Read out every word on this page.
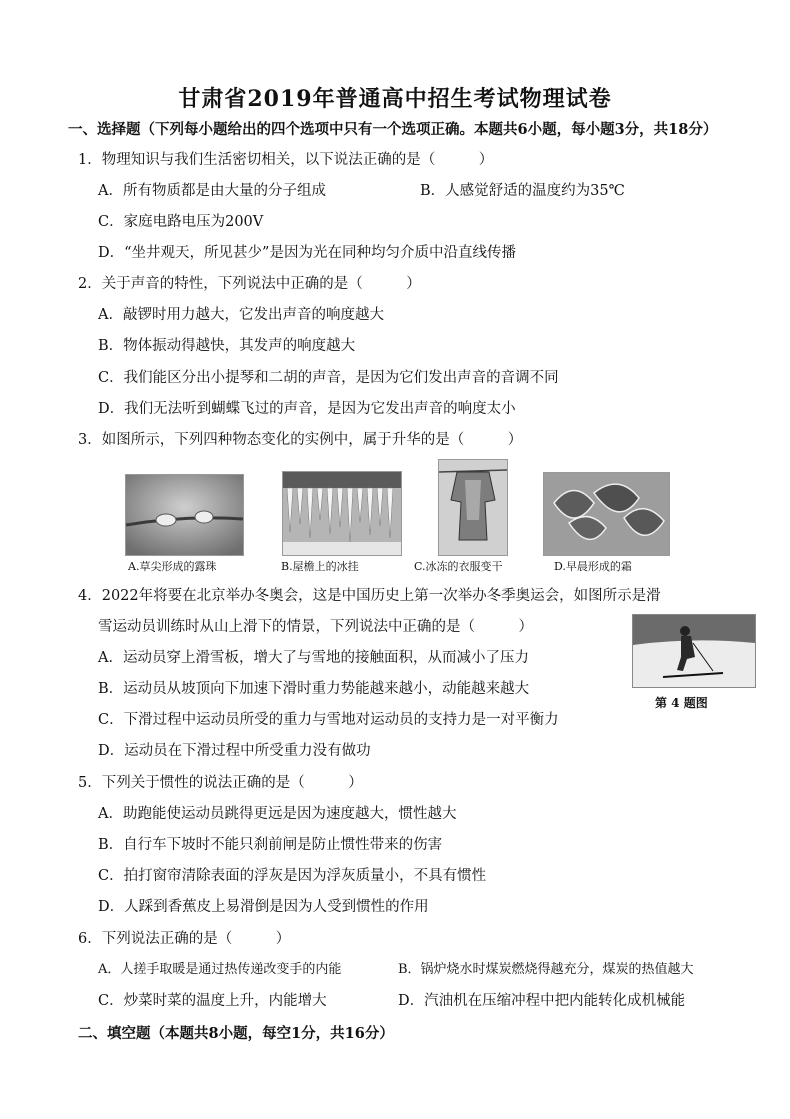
甘肃省2019年普通高中招生考试物理试卷
一、选择题（下列每小题给出的四个选项中只有一个选项正确。本题共6小题，每小题3分，共18分）
1．物理知识与我们生活密切相关，以下说法正确的是（　　　）
A．所有物质都是由大量的分子组成	B．人感觉舒适的温度约为35℃
C．家庭电路电压为200V
D．“坐井观天，所见甚少”是因为光在同种均匀介质中沿直线传播
2．关于声音的特性，下列说法中正确的是（　　　）
A．敲锣时用力越大，它发出声音的响度越大
B．物体振动得越快，其发声的响度越大
C．我们能区分出小提琴和二胡的声音，是因为它们发出声音的音调不同
D．我们无法听到蝴蝶飞过的声音，是因为它发出声音的响度太小
3．如图所示，下列四种物态变化的实例中，属于升华的是（　　　）
A.草尖形成的露珠	B.屋檐上的冰挂	C.冰冻的衣服变干	D.早晨形成的霜
4．2022年将要在北京举办冬奥会，这是中国历史上第一次举办冬季奥运会，如图所示是滑
雪运动员训练时从山上滑下的情景，下列说法中正确的是（　　　）
A．运动员穿上滑雪板，增大了与雪地的接触面积，从而减小了压力
B．运动员从坡顶向下加速下滑时重力势能越来越小，动能越来越大
C．下滑过程中运动员所受的重力与雪地对运动员的支持力是一对平衡力
D．运动员在下滑过程中所受重力没有做功
第 4 题图
5．下列关于惯性的说法正确的是（　　　）
A．助跑能使运动员跳得更远是因为速度越大，惯性越大
B．自行车下坡时不能只刹前闸是防止惯性带来的伤害
C．拍打窗帘清除表面的浮灰是因为浮灰质量小，不具有惯性
D．人踩到香蕉皮上易滑倒是因为人受到惯性的作用
6．下列说法正确的是（　　　）
A．人搓手取暖是通过热传递改变手的内能	B．锅炉烧水时煤炭燃烧得越充分，煤炭的热值越大
C．炒菜时菜的温度上升，内能增大	D．汽油机在压缩冲程中把内能转化成机械能
二、填空题（本题共8小题，每空1分，共16分）
